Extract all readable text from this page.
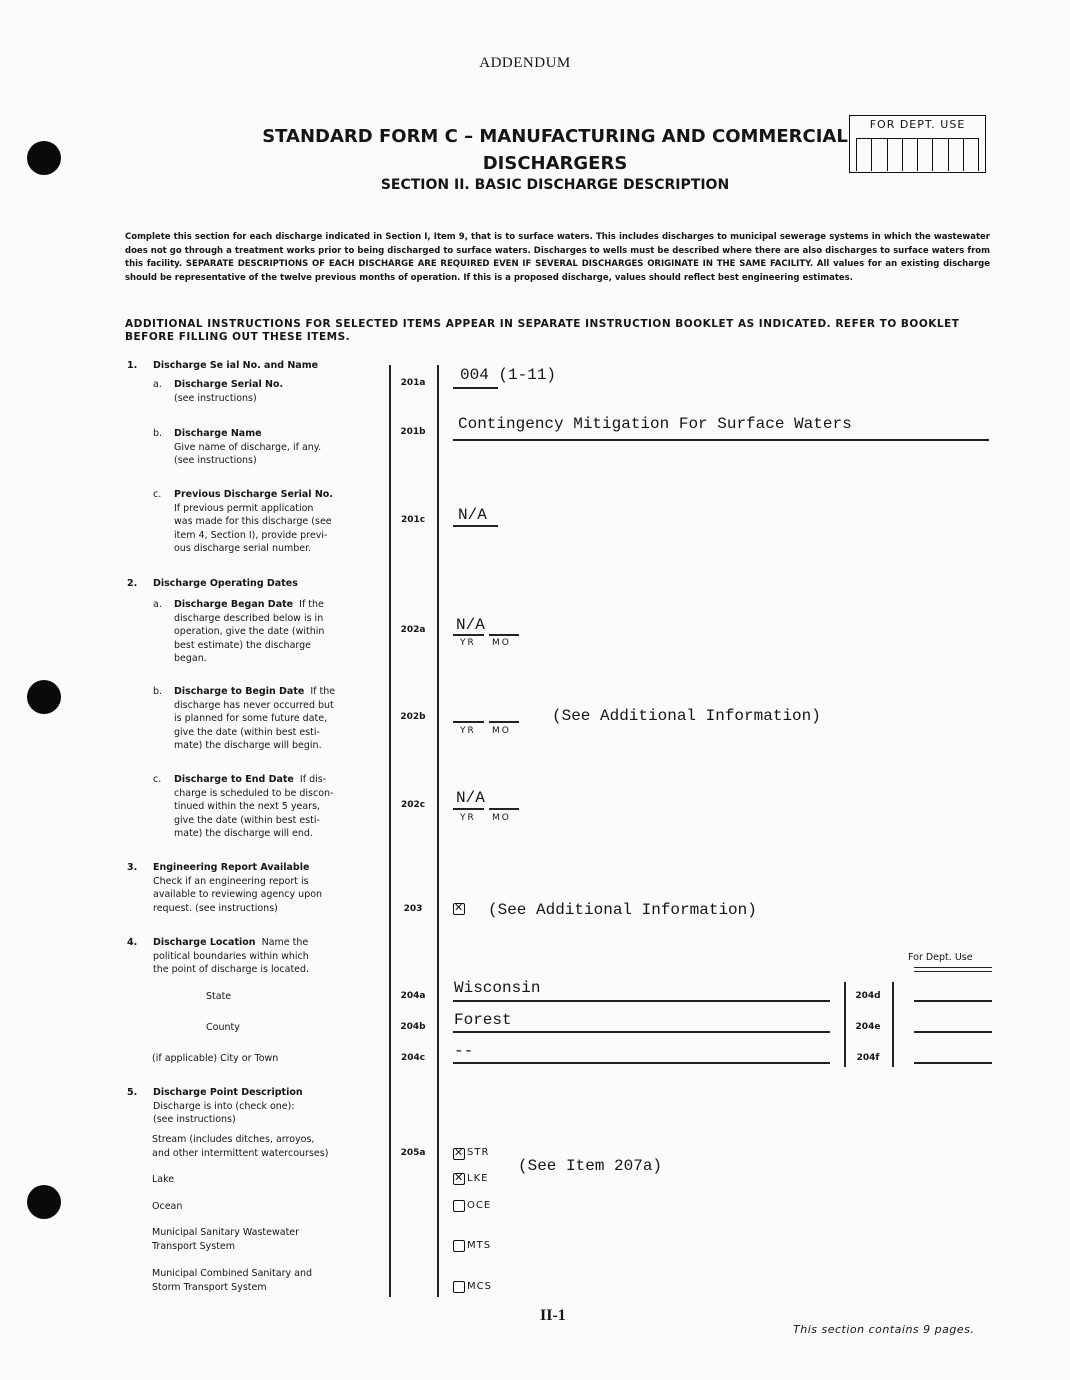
ADDENDUM
STANDARD FORM C – MANUFACTURING AND COMMERCIAL
DISCHARGERS
SECTION II. BASIC DISCHARGE DESCRIPTION
FOR DEPT. USE
Complete this section for each discharge indicated in Section I, Item 9, that is to surface waters. This includes discharges to municipal sewerage systems in which the wastewater does not go through a treatment works prior to being discharged to surface waters. Discharges to wells must be described where there are also discharges to surface waters from this facility. SEPARATE DESCRIPTIONS OF EACH DISCHARGE ARE REQUIRED EVEN IF SEVERAL DISCHARGES ORIGINATE IN THE SAME FACILITY. All values for an existing discharge should be representative of the twelve previous months of operation. If this is a proposed discharge, values should reflect best engineering estimates.
ADDITIONAL INSTRUCTIONS FOR SELECTED ITEMS APPEAR IN SEPARATE INSTRUCTION BOOKLET AS INDICATED. REFER TO BOOKLET BEFORE FILLING OUT THESE ITEMS.
1. Discharge Se ial No. and Name
a. Discharge Serial No.
(see instructions)
201a	004 (1-11)
b. Discharge Name
Give name of discharge, if any.
(see instructions)
201b	Contingency Mitigation For Surface Waters
c. Previous Discharge Serial No.
If previous permit application
was made for this discharge (see
item 4, Section I), provide previ-
ous discharge serial number.
201c	N/A
2. Discharge Operating Dates
a. Discharge Began Date If the
discharge described below is in
operation, give the date (within
best estimate) the discharge
began.
202a	N/A
YR MO
b. Discharge to Begin Date If the
discharge has never occurred but
is planned for some future date,
give the date (within best esti-
mate) the discharge will begin.
202b
YR MO
(See Additional Information)
c. Discharge to End Date If dis-
charge is scheduled to be discon-
tinued within the next 5 years,
give the date (within best esti-
mate) the discharge will end.
202c	N/A
YR MO
3. Engineering Report Available
Check if an engineering report is
available to reviewing agency upon
request. (see instructions)	203 ✕	(See Additional Information)
4. Discharge Location Name the
political boundaries within which
the point of discharge is located.
For Dept. Use
State	204a	Wisconsin	204d
County	204b	Forest	204e
(if applicable) City or Town	204c	--	204f
5. Discharge Point Description
Discharge is into (check one):
(see instructions)
Stream (includes ditches, arroyos,
and other intermittent watercourses)	205a ✕	STR
(See Item 207a)
Lake ✕	LKE
Ocean	OCE
Municipal Sanitary Wastewater
Transport System	MTS
Municipal Combined Sanitary and
Storm Transport System	MCS
II-1
This section contains 9 pages.
